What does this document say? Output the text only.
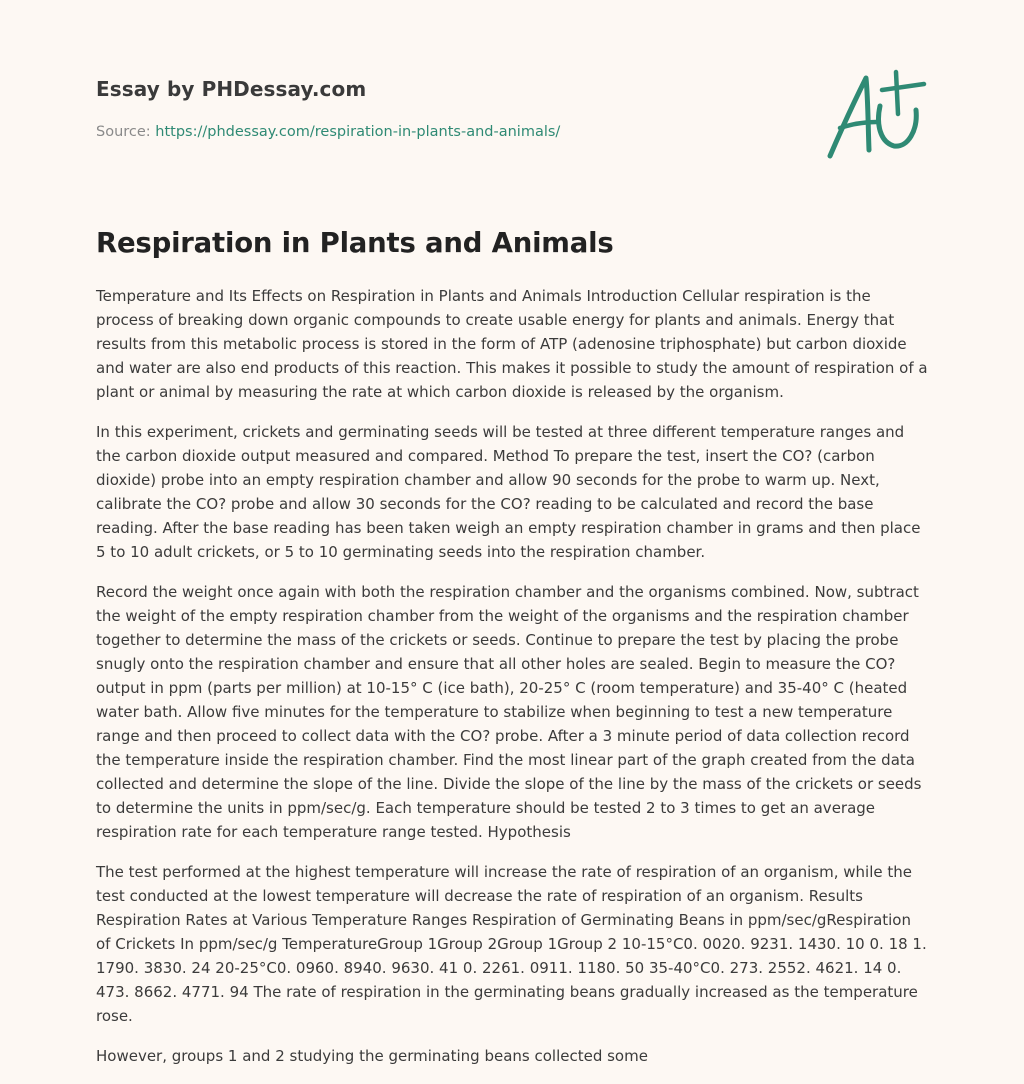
Essay by PHDessay.com
Source: https://phdessay.com/respiration-in-plants-and-animals/
Respiration in Plants and Animals

Temperature and Its Effects on Respiration in Plants and Animals Introduction Cellular respiration is the process of breaking down organic compounds to create usable energy for plants and animals. Energy that results from this metabolic process is stored in the form of ATP (adenosine triphosphate) but carbon dioxide and water are also end products of this reaction. This makes it possible to study the amount of respiration of a plant or animal by measuring the rate at which carbon dioxide is released by the organism.

In this experiment, crickets and germinating seeds will be tested at three different temperature ranges and the carbon dioxide output measured and compared. Method To prepare the test, insert the CO? (carbon dioxide) probe into an empty respiration chamber and allow 90 seconds for the probe to warm up. Next, calibrate the CO? probe and allow 30 seconds for the CO? reading to be calculated and record the base reading. After the base reading has been taken weigh an empty respiration chamber in grams and then place 5 to 10 adult crickets, or 5 to 10 germinating seeds into the respiration chamber.

Record the weight once again with both the respiration chamber and the organisms combined. Now, subtract the weight of the empty respiration chamber from the weight of the organisms and the respiration chamber together to determine the mass of the crickets or seeds. Continue to prepare the test by placing the probe snugly onto the respiration chamber and ensure that all other holes are sealed. Begin to measure the CO? output in ppm (parts per million) at 10-15° C (ice bath), 20-25° C (room temperature) and 35-40° C (heated water bath. Allow five minutes for the temperature to stabilize when beginning to test a new temperature range and then proceed to collect data with the CO? probe. After a 3 minute period of data collection record the temperature inside the respiration chamber. Find the most linear part of the graph created from the data collected and determine the slope of the line. Divide the slope of the line by the mass of the crickets or seeds to determine the units in ppm/sec/g. Each temperature should be tested 2 to 3 times to get an average respiration rate for each temperature range tested. Hypothesis

The test performed at the highest temperature will increase the rate of respiration of an organism, while the test conducted at the lowest temperature will decrease the rate of respiration of an organism. Results Respiration Rates at Various Temperature Ranges Respiration of Germinating Beans in ppm/sec/gRespiration of Crickets In ppm/sec/g TemperatureGroup 1Group 2Group 1Group 2 10-15°C0. 0020. 9231. 1430. 10 0. 18 1. 1790. 3830. 24 20-25°C0. 0960. 8940. 9630. 41 0. 2261. 0911. 1180. 50 35-40°C0. 273. 2552. 4621. 14 0. 473. 8662. 4771. 94 The rate of respiration in the germinating beans gradually increased as the temperature rose.

However, groups 1 and 2 studying the germinating beans collected some
